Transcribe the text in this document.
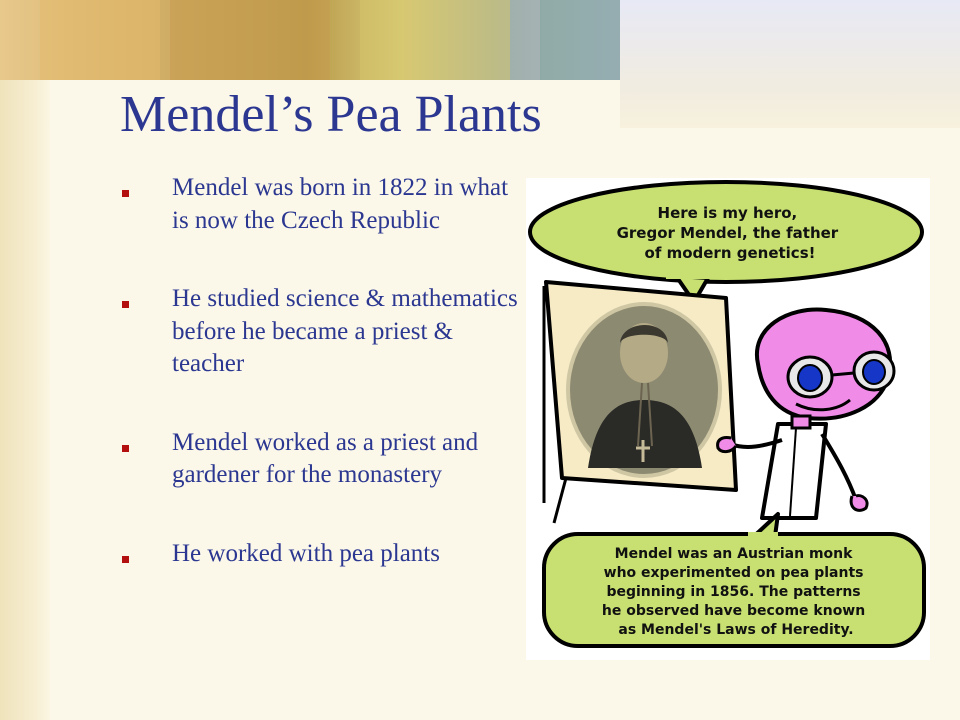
Mendel’s Pea Plants
Mendel was born in 1822 in what is now the Czech Republic
He studied science & mathematics before he became a priest & teacher
Mendel worked as a priest and gardener for the monastery
He worked with pea plants
Here is my hero, Gregor Mendel, the father of modern genetics!
Mendel was an Austrian monk who experimented on pea plants beginning in 1856. The patterns he observed have become known as Mendel's Laws of Heredity.
